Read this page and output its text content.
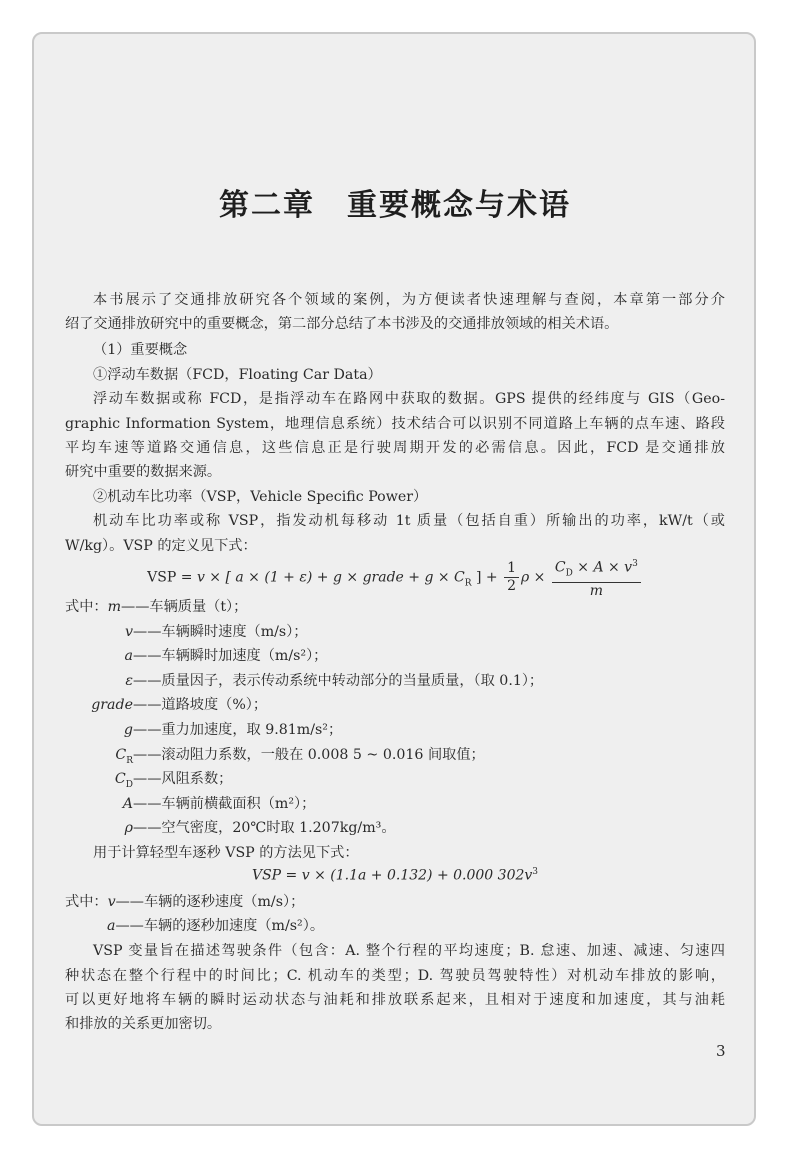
第二章　重要概念与术语
本书展示了交通排放研究各个领域的案例，为方便读者快速理解与查阅，本章第一部分介
绍了交通排放研究中的重要概念，第二部分总结了本书涉及的交通排放领域的相关术语。
（1）重要概念
①浮动车数据（FCD，Floating Car Data）
浮动车数据或称 FCD，是指浮动车在路网中获取的数据。GPS 提供的经纬度与 GIS（Geo-
graphic Information System，地理信息系统）技术结合可以识别不同道路上车辆的点车速、路段
平均车速等道路交通信息，这些信息正是行驶周期开发的必需信息。因此，FCD 是交通排放
研究中重要的数据来源。
②机动车比功率（VSP，Vehicle Specific Power）
机动车比功率或称 VSP，指发动机每移动 1t 质量（包括自重）所输出的功率，kW/t（或
W/kg）。VSP 的定义见下式：
VSP = v × [ a × (1 + ε) + g × grade + $g \times C_R$ ] + $\frac{1}{2}$ $\rho \times \frac{C_D \times A \times v^3}{m}$
式中：m——车辆质量（t）；
v——车辆瞬时速度（m/s）；
a——车辆瞬时加速度（m/s²）；
ε——质量因子，表示传动系统中转动部分的当量质量，（取 0.1）；
grade——道路坡度（%）；
g——重力加速度，取 9.81m/s²；
$C_R——$滚动阻力系数，一般在 0.008 5 ~ 0.016 间取值；
$C_D——$风阻系数；
A——车辆前横截面积（m²）；
ρ——空气密度，20℃时取 1.207kg/m³。
用于计算轻型车逐秒 VSP 的方法见下式：
VSP = v × (1.1a + 0.132) + 0.000 $302v^3$
式中：v——车辆的逐秒速度（m/s）；
a——车辆的逐秒加速度（m/s²）。
VSP 变量旨在描述驾驶条件（包含：A. 整个行程的平均速度；B. 怠速、加速、减速、匀速四
种状态在整个行程中的时间比；C. 机动车的类型；D. 驾驶员驾驶特性）对机动车排放的影响，
可以更好地将车辆的瞬时运动状态与油耗和排放联系起来，且相对于速度和加速度，其与油耗
和排放的关系更加密切。
3
